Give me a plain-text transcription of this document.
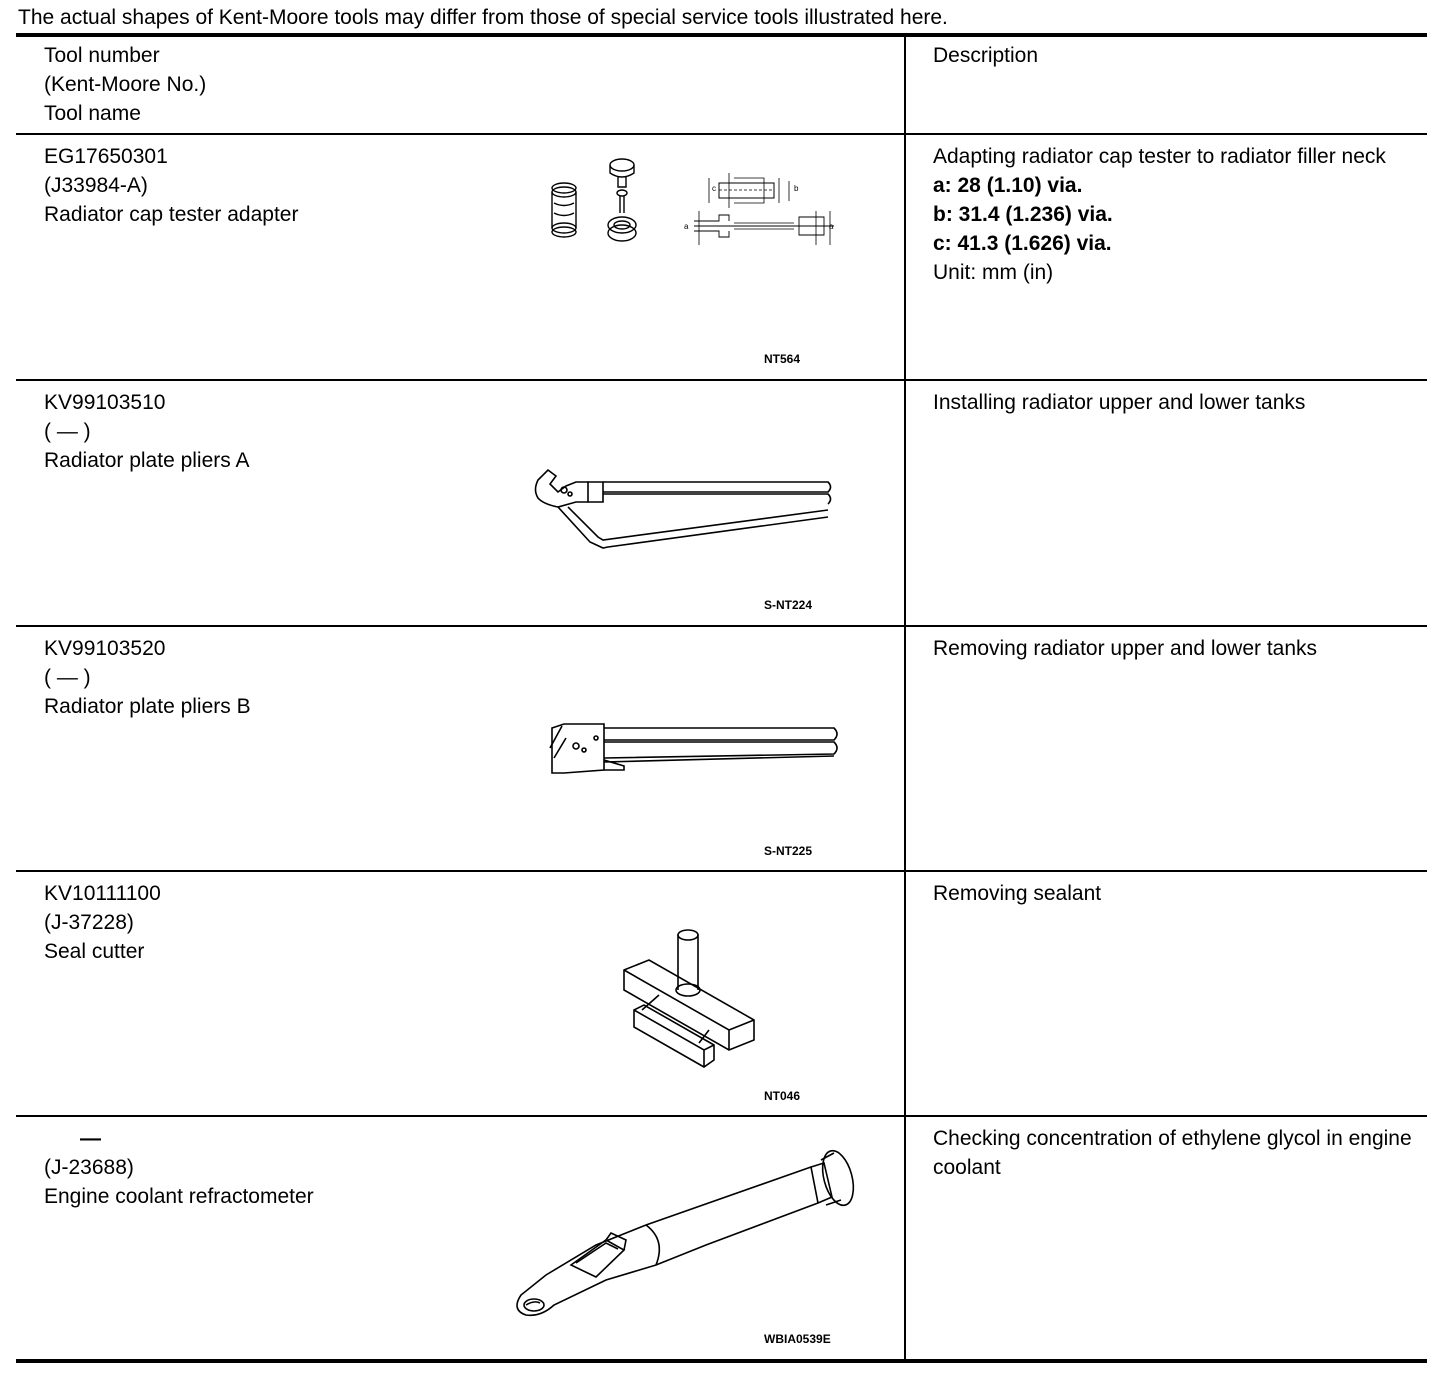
The actual shapes of Kent-Moore tools may differ from those of special service tools illustrated here.
Tool number
(Kent-Moore No.)
Tool name
Description
EG17650301
(J33984-A)
Radiator cap tester adapter
c	b
a	a
NT564
Adapting radiator cap tester to radiator filler neck
a: 28 (1.10) via.
b: 31.4 (1.236) via.
c: 41.3 (1.626) via.
Unit: mm (in)
KV99103510
( — )
Radiator plate pliers A
S-NT224
Installing radiator upper and lower tanks
KV99103520
( — )
Radiator plate pliers B
S-NT225
Removing radiator upper and lower tanks
KV10111100
(J-37228)
Seal cutter
NT046
Removing sealant
—
(J-23688)
Engine coolant refractometer
WBIA0539E
Checking concentration of ethylene glycol in engine coolant
